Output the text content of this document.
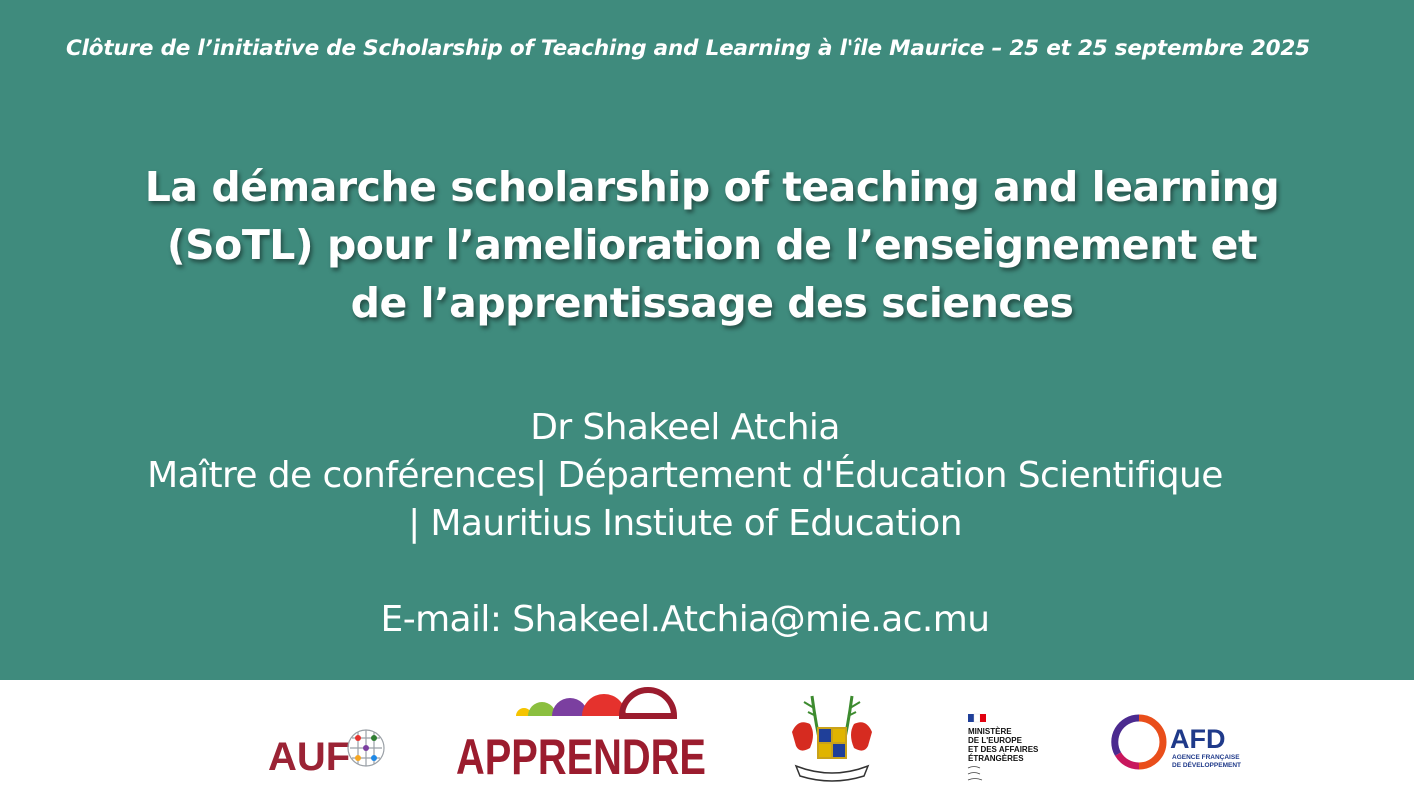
Clôture de l’initiative de Scholarship of Teaching and Learning à l'île Maurice – 25 et 25 septembre 2025
La démarche scholarship of teaching and learning
(SoTL) pour l’amelioration de l’enseignement et
de l’apprentissage des sciences
Dr Shakeel Atchia
Maître de conférences| Département d'Éducation Scientifique
| Mauritius Instiute of Education
E-mail: Shakeel.Atchia@mie.ac.mu
AUF APPRENDRE	MINISTÈRE
DE L'EUROPE
ET DES AFFAIRES
ÉTRANGÈRES
AFD
AGENCE FRANÇAISE
DE DÉVELOPPEMENT
